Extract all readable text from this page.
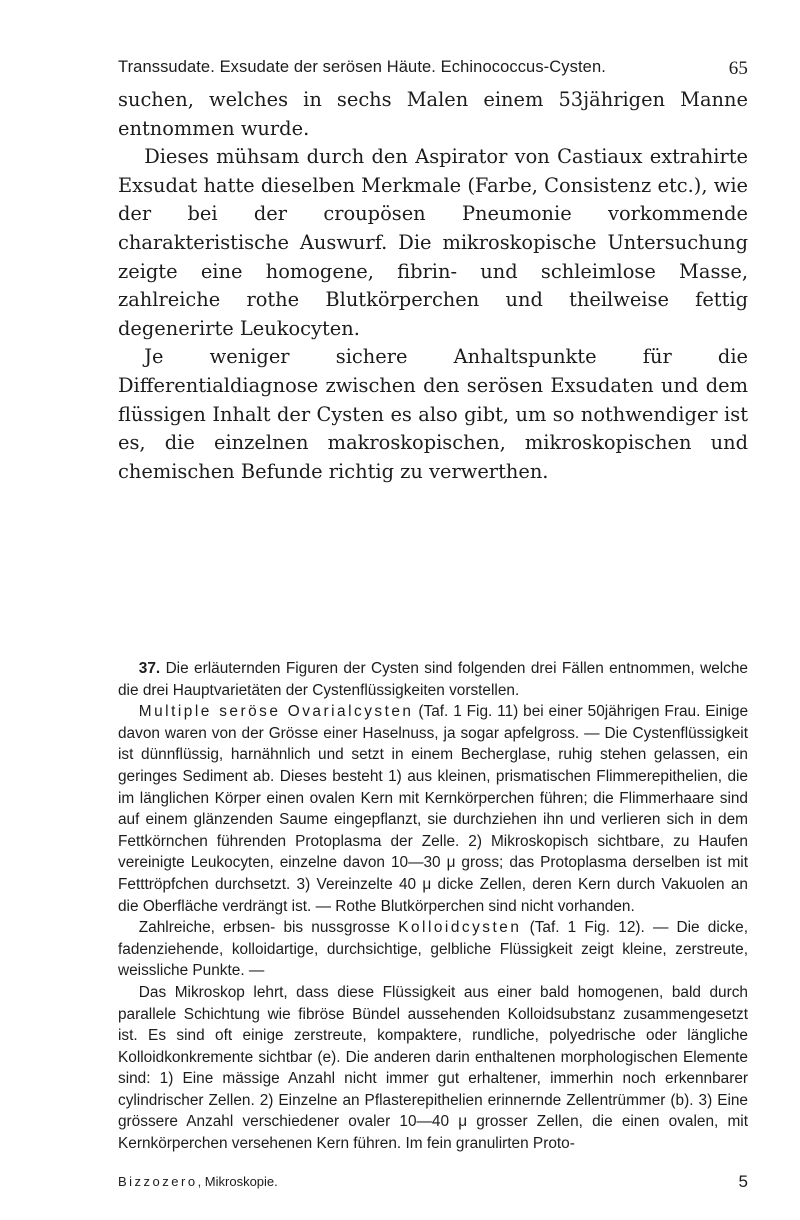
Transsudate. Exsudate der serösen Häute. Echinococcus-Cysten.	65

suchen, welches in sechs Malen einem 53jährigen Manne entnommen wurde.

Dieses mühsam durch den Aspirator von Castiaux extrahirte Exsudat hatte dieselben Merkmale (Farbe, Consistenz etc.), wie der bei der croupösen Pneumonie vorkommende charakteristische Auswurf. Die mikroskopische Untersuchung zeigte eine homogene, fibrin- und schleimlose Masse, zahlreiche rothe Blutkörperchen und theilweise fettig degenerirte Leukocyten.

Je weniger sichere Anhaltspunkte für die Differentialdiagnose zwischen den serösen Exsudaten und dem flüssigen Inhalt der Cysten es also gibt, um so nothwendiger ist es, die einzelnen makroskopischen, mikroskopischen und chemischen Befunde richtig zu verwerthen.

37. Die erläuternden Figuren der Cysten sind folgenden drei Fällen entnommen, welche die drei Hauptvarietäten der Cystenflüssigkeiten vorstellen.

Multiple seröse Ovarialcysten (Taf. 1 Fig. 11) bei einer 50jährigen Frau. Einige davon waren von der Grösse einer Haselnuss, ja sogar apfelgross. — Die Cystenflüssigkeit ist dünnflüssig, harnähnlich und setzt in einem Becherglase, ruhig stehen gelassen, ein geringes Sediment ab. Dieses besteht 1) aus kleinen, prismatischen Flimmerepithelien, die im länglichen Körper einen ovalen Kern mit Kernkörperchen führen; die Flimmerhaare sind auf einem glänzenden Saume eingepflanzt, sie durchziehen ihn und verlieren sich in dem Fettkörnchen führenden Protoplasma der Zelle. 2) Mikroskopisch sichtbare, zu Haufen vereinigte Leukocyten, einzelne davon 10—30 μ gross; das Protoplasma derselben ist mit Fetttröpfchen durchsetzt. 3) Vereinzelte 40 μ dicke Zellen, deren Kern durch Vakuolen an die Oberfläche verdrängt ist. — Rothe Blutkörperchen sind nicht vorhanden.

Zahlreiche, erbsen- bis nussgrosse Kolloidcysten (Taf. 1 Fig. 12). — Die dicke, fadenziehende, kolloidartige, durchsichtige, gelbliche Flüssigkeit zeigt kleine, zerstreute, weissliche Punkte. —

Das Mikroskop lehrt, dass diese Flüssigkeit aus einer bald homogenen, bald durch parallele Schichtung wie fibröse Bündel aussehenden Kolloidsubstanz zusammengesetzt ist. Es sind oft einige zerstreute, kompaktere, rundliche, polyedrische oder längliche Kolloidkonkremente sichtbar (e). Die anderen darin enthaltenen morphologischen Elemente sind: 1) Eine mässige Anzahl nicht immer gut erhaltener, immerhin noch erkennbarer cylindrischer Zellen. 2) Einzelne an Pflasterepithelien erinnernde Zellentrümmer (b). 3) Eine grössere Anzahl verschiedener ovaler 10—40 μ grosser Zellen, die einen ovalen, mit Kernkörperchen versehenen Kern führen. Im fein granulirten Proto-

Bizzozero, Mikroskopie.	5
